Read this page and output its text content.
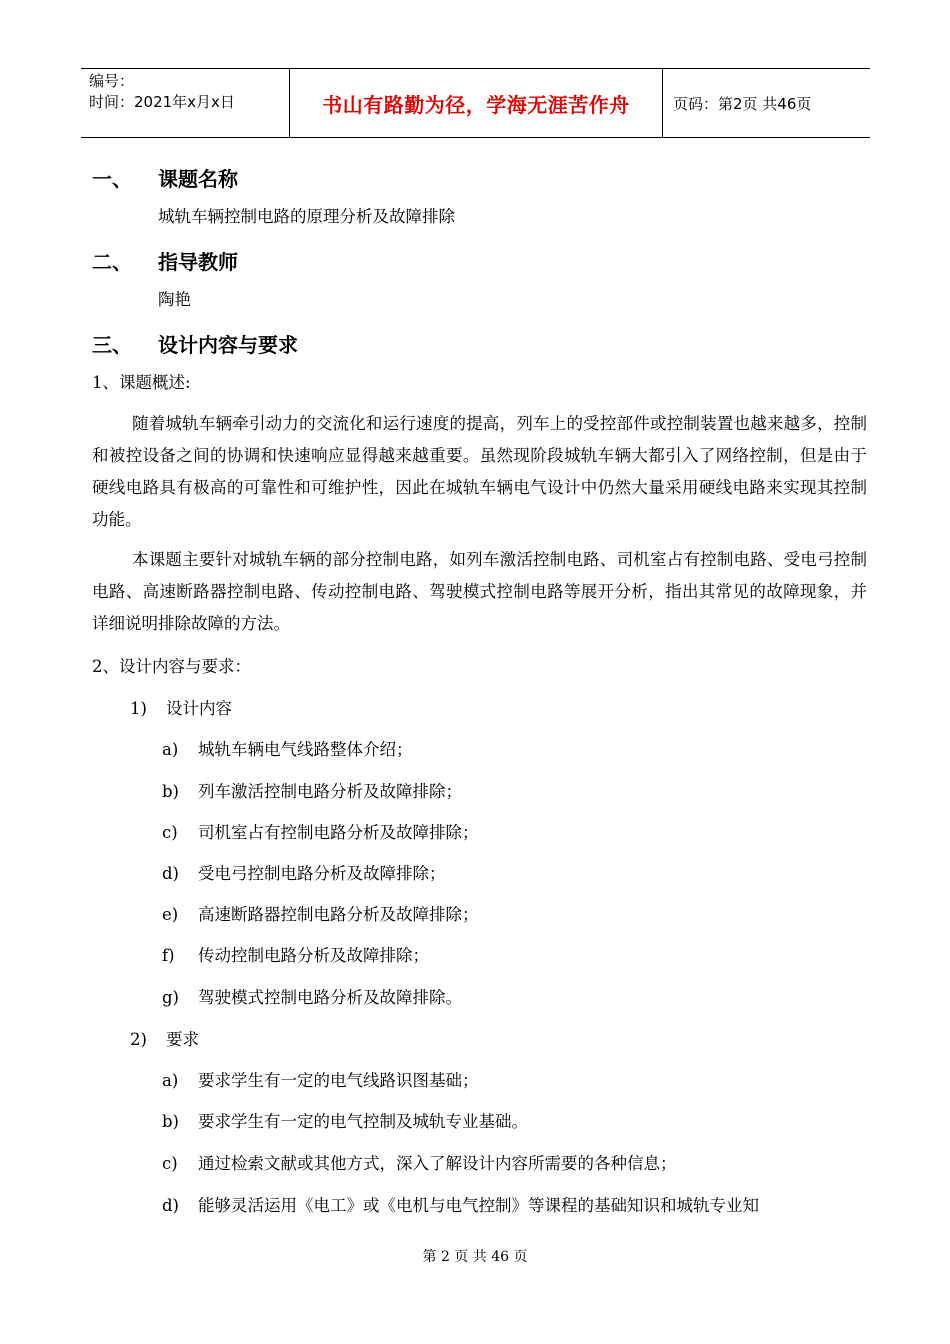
编号：
时间：2021年x月x日	书山有路勤为径，学海无涯苦作舟	页码：第2页 共46页
一、	课题名称
城轨车辆控制电路的原理分析及故障排除
二、	指导教师
陶艳
三、	设计内容与要求
1、课题概述:
随着城轨车辆牵引动力的交流化和运行速度的提高，列车上的受控部件或控制装置也越来越多，控制和被控设备之间的协调和快速响应显得越来越重要。虽然现阶段城轨车辆大都引入了网络控制，但是由于硬线电路具有极高的可靠性和可维护性，因此在城轨车辆电气设计中仍然大量采用硬线电路来实现其控制功能。
本课题主要针对城轨车辆的部分控制电路，如列车激活控制电路、司机室占有控制电路、受电弓控制电路、高速断路器控制电路、传动控制电路、驾驶模式控制电路等展开分析，指出其常见的故障现象，并详细说明排除故障的方法。
2、设计内容与要求：
1) 设计内容
a) 城轨车辆电气线路整体介绍；
b) 列车激活控制电路分析及故障排除；
c) 司机室占有控制电路分析及故障排除；
d) 受电弓控制电路分析及故障排除；
e) 高速断路器控制电路分析及故障排除；
f) 传动控制电路分析及故障排除；
g) 驾驶模式控制电路分析及故障排除。
2) 要求
a) 要求学生有一定的电气线路识图基础；
b) 要求学生有一定的电气控制及城轨专业基础。
c) 通过检索文献或其他方式，深入了解设计内容所需要的各种信息；
d) 能够灵活运用《电工》或《电机与电气控制》等课程的基础知识和城轨专业知
第 2 页 共 46 页
